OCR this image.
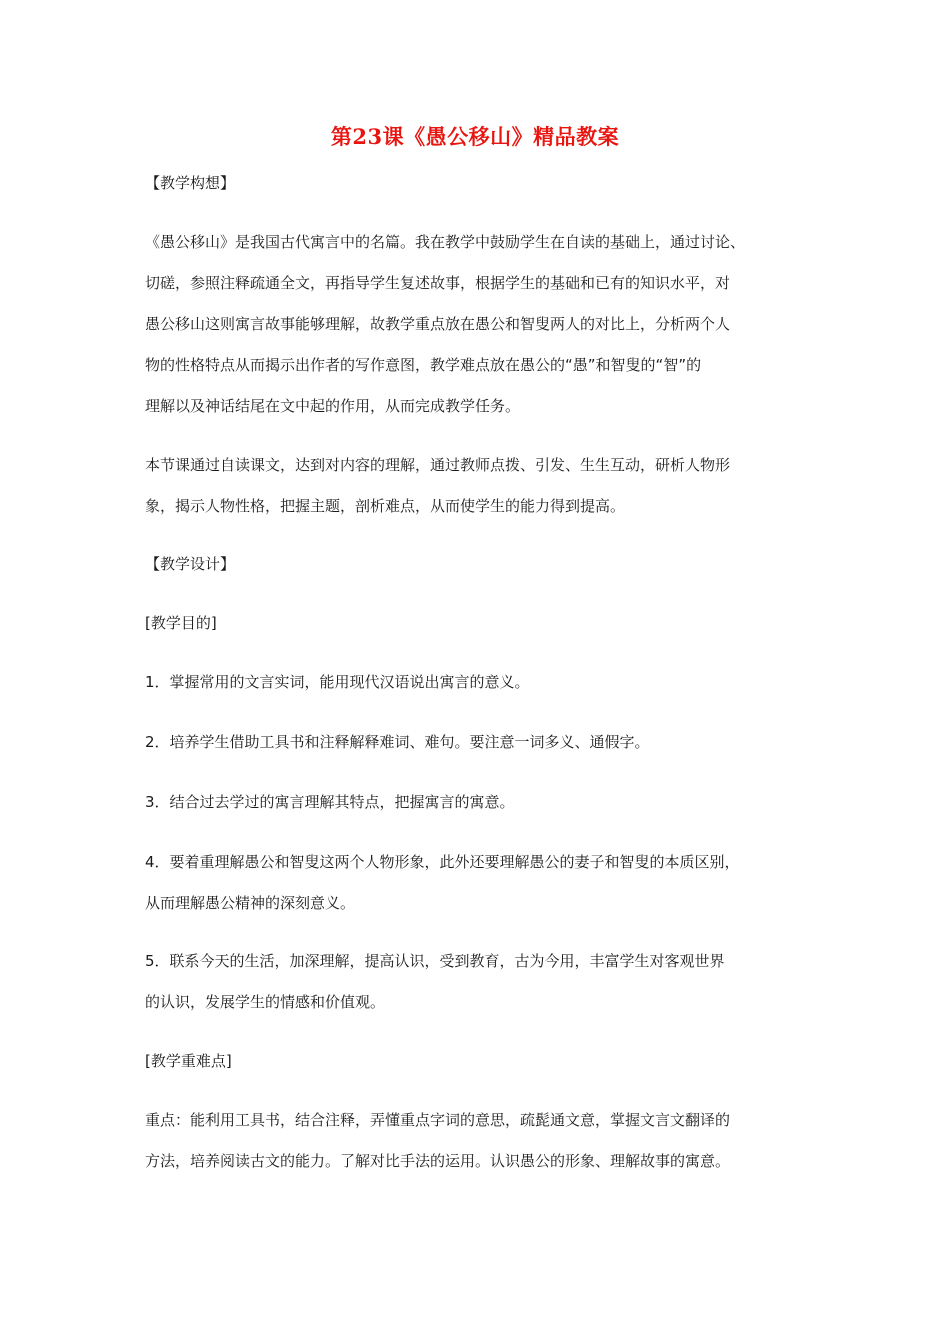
第23课《愚公移山》精品教案
【教学构想】
《愚公移山》是我国古代寓言中的名篇。我在教学中鼓励学生在自读的基础上，通过讨论、
切磋，参照注释疏通全文，再指导学生复述故事，根据学生的基础和已有的知识水平，对
愚公移山这则寓言故事能够理解，故教学重点放在愚公和智叟两人的对比上，分析两个人
物的性格特点从而揭示出作者的写作意图，教学难点放在愚公的“愚”和智叟的“智”的
理解以及神话结尾在文中起的作用，从而完成教学任务。
本节课通过自读课文，达到对内容的理解，通过教师点拨、引发、生生互动，研析人物形
象，揭示人物性格，把握主题，剖析难点，从而使学生的能力得到提高。
【教学设计】
[教学目的]
1．掌握常用的文言实词，能用现代汉语说出寓言的意义。
2．培养学生借助工具书和注释解释难词、难句。要注意一词多义、通假字。
3．结合过去学过的寓言理解其特点，把握寓言的寓意。
4．要着重理解愚公和智叟这两个人物形象，此外还要理解愚公的妻子和智叟的本质区别，
从而理解愚公精神的深刻意义。
5．联系今天的生活，加深理解，提高认识，受到教育，古为今用，丰富学生对客观世界
的认识，发展学生的情感和价值观。
[教学重难点]
重点：能利用工具书，结合注释，弄懂重点字词的意思，疏髭通文意，掌握文言文翻译的
方法，培养阅读古文的能力。了解对比手法的运用。认识愚公的形象、理解故事的寓意。
